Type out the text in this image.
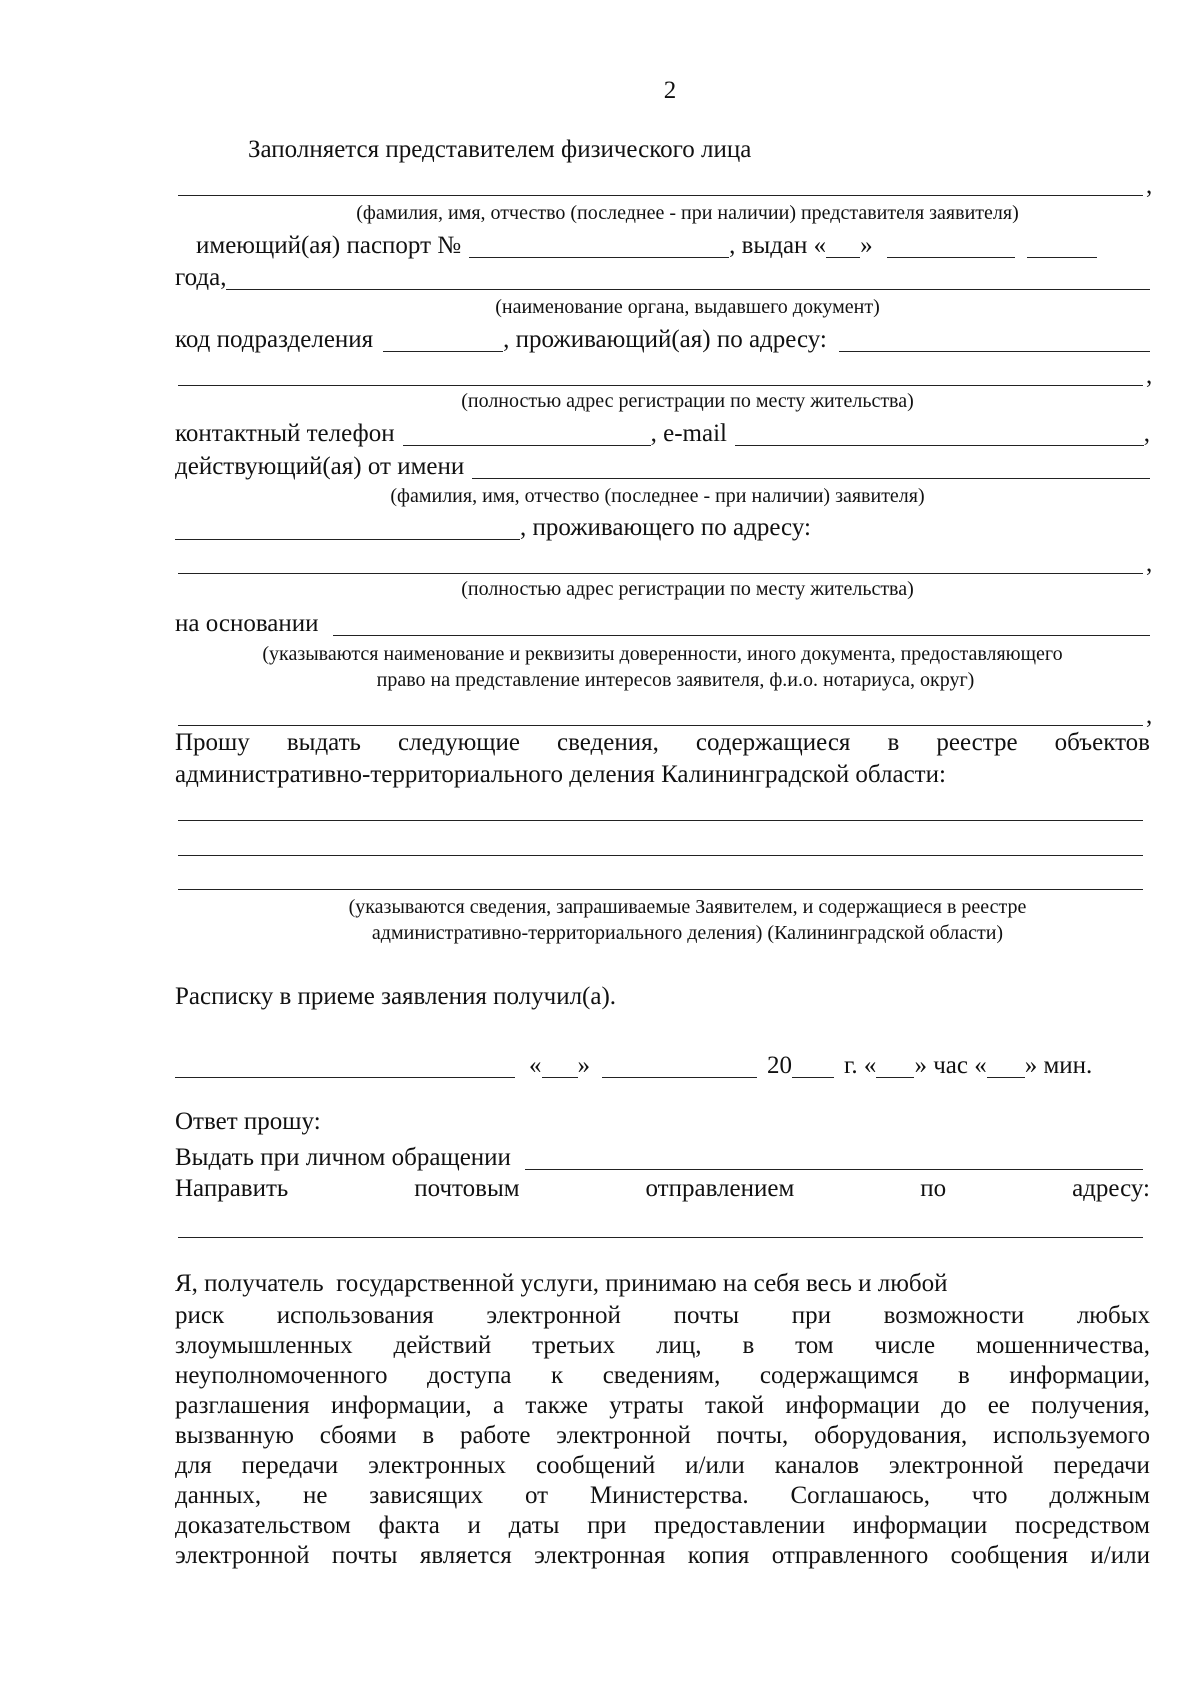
2
Заполняется представителем физического лица
,
(фамилия, имя, отчество (последнее - при наличии) представителя заявителя)
имеющий(ая) паспорт №	, выдан « »
года,
(наименование органа, выдавшего документ)
код подразделения	, проживающий(ая) по адресу:
,
(полностью адрес регистрации по месту жительства)
контактный телефон	, e-mail	,
действующий(ая) от имени
(фамилия, имя, отчество (последнее - при наличии) заявителя)
, проживающего по адресу:
,
(полностью адрес регистрации по месту жительства)
на основании
(указываются наименование и реквизиты доверенности, иного документа, предоставляющего
право на представление интересов заявителя, ф.и.о. нотариуса, округ)
,
Прошу выдать следующие сведения, содержащиеся в реестре объектов
административно-территориального деления Калининградской области:
(указываются сведения, запрашиваемые Заявителем, и содержащиеся в реестре
административно-территориального деления) (Калининградской области)
Расписку в приеме заявления получил(а).
« »	20 г. « » час « » мин.
Ответ прошу:
Выдать при личном обращении
Направить	почтовым	отправлением	по	адресу:
Я, получатель  государственной услуги, принимаю на себя весь и любой
риск использования электронной почты при возможности любых
злоумышленных действий третьих лиц, в том числе мошенничества,
неуполномоченного доступа к сведениям, содержащимся в информации,
разглашения информации, а также утраты такой информации до ее получения,
вызванную сбоями в работе электронной почты, оборудования, используемого
для передачи электронных сообщений и/или каналов электронной передачи
данных, не зависящих от Министерства. Соглашаюсь, что должным
доказательством факта и даты при предоставлении информации посредством
электронной почты является электронная копия отправленного сообщения и/или
